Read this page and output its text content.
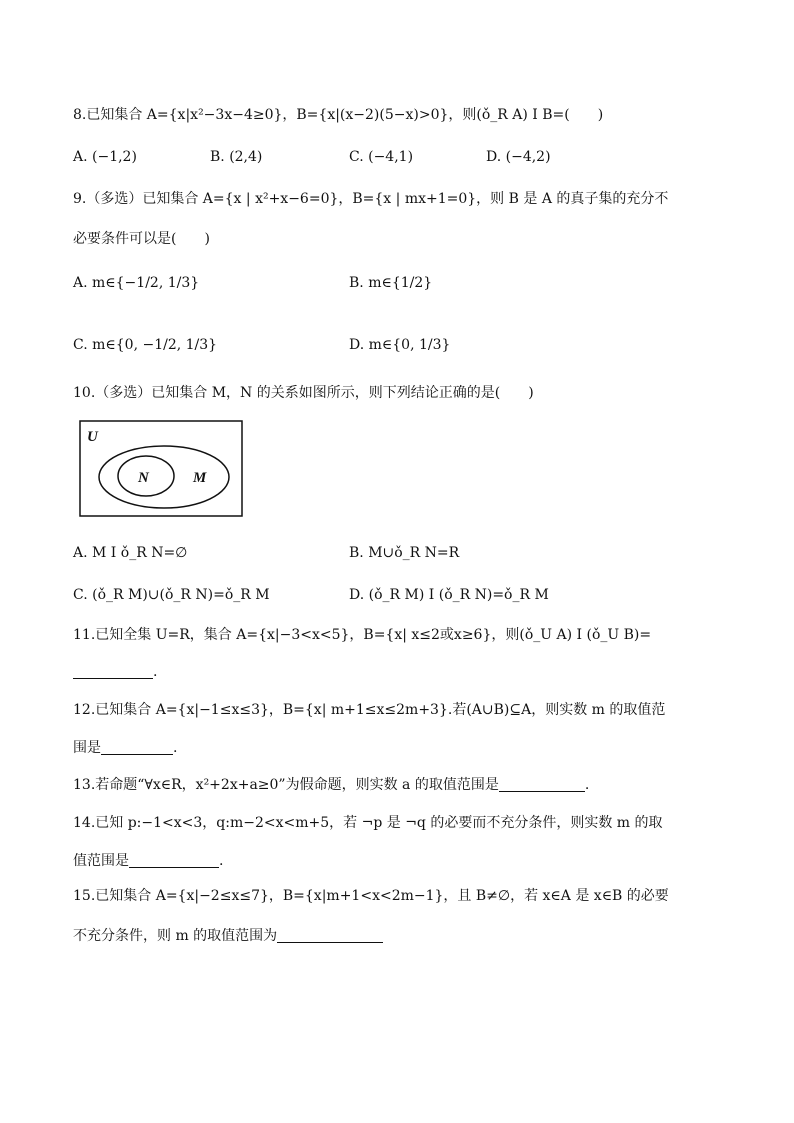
8.已知集合 A={x|x²−3x−4≥0}，B={x|(x−2)(5−x)>0}，则(ǒ_R A) I B=(　　)
A. (−1,2)	B. (2,4)	C. (−4,1)	D. (−4,2)
9.（多选）已知集合 A={x | x²+x−6=0}，B={x | mx+1=0}，则 B 是 A 的真子集的充分不
必要条件可以是(　　)
A. m∈{−1/2, 1/3}	B. m∈{1/2}
C. m∈{0, −1/2, 1/3}	D. m∈{0, 1/3}
10.（多选）已知集合 M，N 的关系如图所示，则下列结论正确的是(　　)
U
N	M
A. M I ǒ_R N=∅	B. M∪ǒ_R N=R
C. (ǒ_R M)∪(ǒ_R N)=ǒ_R M	D. (ǒ_R M) I (ǒ_R N)=ǒ_R M
11.已知全集 U=R，集合 A={x|−3<x<5}，B={x| x≤2或x≥6}，则(ǒ_U A) I (ǒ_U B)=
.
12.已知集合 A={x|−1≤x≤3}，B={x| m+1≤x≤2m+3}.若(A∪B)⊆A，则实数 m 的取值范
围是	.
13.若命题“∀x∈R，x²+2x+a≥0”为假命题，则实数 a 的取值范围是	.
14.已知 p:−1<x<3，q:m−2<x<m+5，若 ¬p 是 ¬q 的必要而不充分条件，则实数 m 的取
值范围是	.
15.已知集合 A={x|−2≤x≤7}，B={x|m+1<x<2m−1}，且 B≠∅，若 x∈A 是 x∈B 的必要
不充分条件，则 m 的取值范围为
